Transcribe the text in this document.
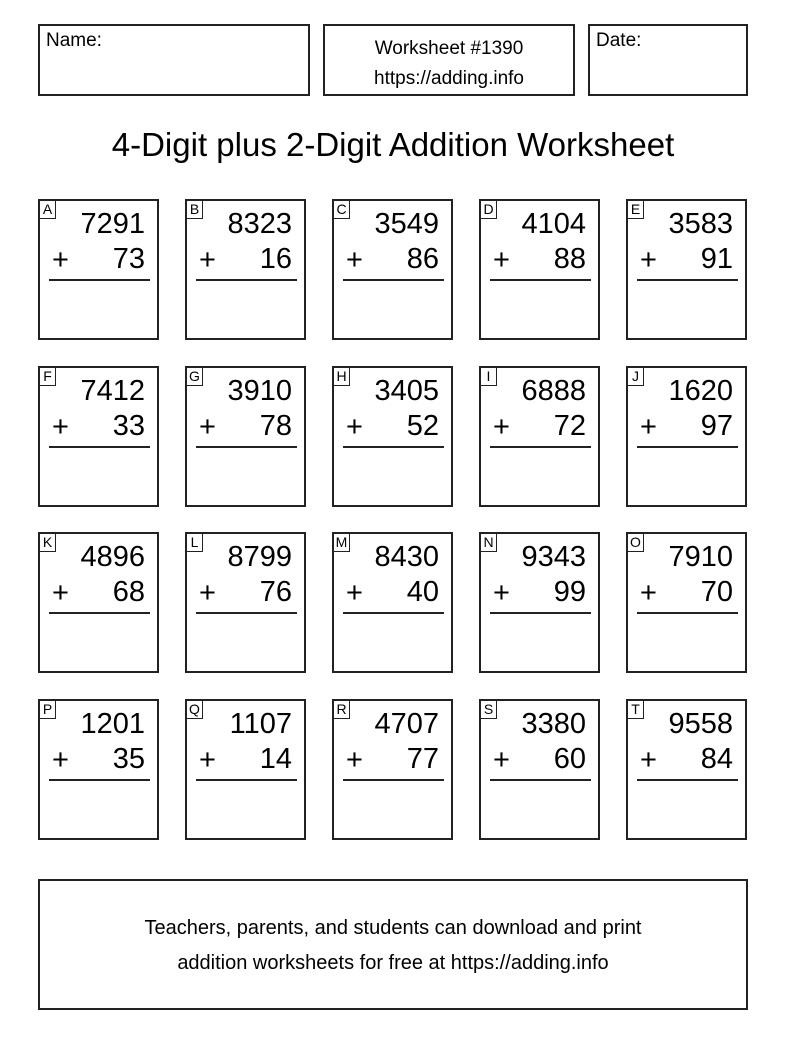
Name:	Worksheet #1390
https://adding.info
Date:
4-Digit plus 2-Digit Addition Worksheet
A 7291
+ 73
B 8323
+ 16
C 3549
+ 86
D 4104
+ 88
E 3583
+ 91
F 7412
+ 33
G 3910
+ 78
H 3405
+ 52
I 6888
+ 72
J 1620
+ 97
K 4896
+ 68
L 8799
+ 76
M 8430
+ 40
N 9343
+ 99
O 7910
+ 70
P 1201
+ 35
Q 1107
+ 14
R 4707
+ 77
S 3380
+ 60
T 9558
+ 84
Teachers, parents, and students can download and print
addition worksheets for free at https://adding.info
